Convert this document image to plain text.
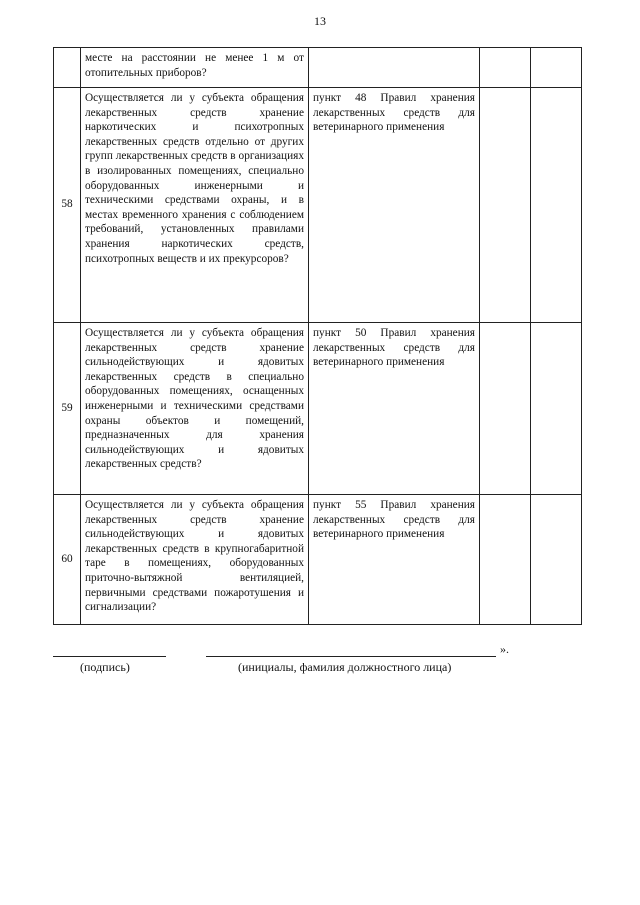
13
	месте на расстоянии не менее 1 м от отопительных приборов?			
58	Осуществляется ли у субъекта обращения лекарственных средств хранение наркотических и психотропных лекарственных средств отдельно от других групп лекарственных средств в организациях в изолированных помещениях, специально оборудованных инженерными и техническими средствами охраны, и в местах временного хранения с соблюдением требований, установленных правилами хранения наркотических средств, психотропных веществ и их прекурсоров?	пункт 48 Правил хранения лекарственных средств для ветеринарного применения		
59	Осуществляется ли у субъекта обращения лекарственных средств хранение сильнодействующих и ядовитых лекарственных средств в специально оборудованных помещениях, оснащенных инженерными и техническими средствами охраны объектов и помещений, предназначенных для хранения сильнодействующих и ядовитых лекарственных средств?	пункт 50 Правил хранения лекарственных средств для ветеринарного применения		
60	Осуществляется ли у субъекта обращения лекарственных средств хранение сильнодействующих и ядовитых лекарственных средств в крупногабаритной таре в помещениях, оборудованных приточно-вытяжной вентиляцией, первичными средствами пожаротушения и сигнализации?	пункт 55 Правил хранения лекарственных средств для ветеринарного применения		
».
(подпись)	(инициалы, фамилия должностного лица)
